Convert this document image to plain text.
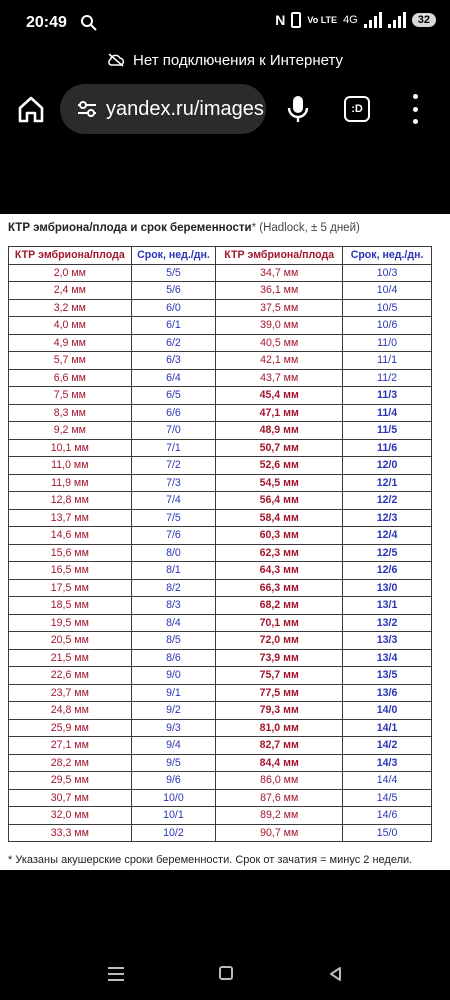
20:49	N Vo LTE 4G	32
Нет подключения к Интернету
yandex.ru/images	:D
КТР эмбриона/плода и срок беременности* (Hadlock, ± 5 дней)
КТР эмбриона/плода	Срок, нед./дн.	КТР эмбриона/плода	Срок, нед./дн.
2,0 мм	5/5	34,7 мм	10/3
2,4 мм	5/6	36,1 мм	10/4
3,2 мм	6/0	37,5 мм	10/5
4,0 мм	6/1	39,0 мм	10/6
4,9 мм	6/2	40,5 мм	11/0
5,7 мм	6/3	42,1 мм	11/1
6,6 мм	6/4	43,7 мм	11/2
7,5 мм	6/5	45,4 мм	11/3
8,3 мм	6/6	47,1 мм	11/4
9,2 мм	7/0	48,9 мм	11/5
10,1 мм	7/1	50,7 мм	11/6
11,0 мм	7/2	52,6 мм	12/0
11,9 мм	7/3	54,5 мм	12/1
12,8 мм	7/4	56,4 мм	12/2
13,7 мм	7/5	58,4 мм	12/3
14,6 мм	7/6	60,3 мм	12/4
15,6 мм	8/0	62,3 мм	12/5
16,5 мм	8/1	64,3 мм	12/6
17,5 мм	8/2	66,3 мм	13/0
18,5 мм	8/3	68,2 мм	13/1
19,5 мм	8/4	70,1 мм	13/2
20,5 мм	8/5	72,0 мм	13/3
21,5 мм	8/6	73,9 мм	13/4
22,6 мм	9/0	75,7 мм	13/5
23,7 мм	9/1	77,5 мм	13/6
24,8 мм	9/2	79,3 мм	14/0
25,9 мм	9/3	81,0 мм	14/1
27,1 мм	9/4	82,7 мм	14/2
28,2 мм	9/5	84,4 мм	14/3
29,5 мм	9/6	86,0 мм	14/4
30,7 мм	10/0	87,6 мм	14/5
32,0 мм	10/1	89,2 мм	14/6
33,3 мм	10/2	90,7 мм	15/0
* Указаны акушерские сроки беременности. Срок от зачатия = минус 2 недели.
